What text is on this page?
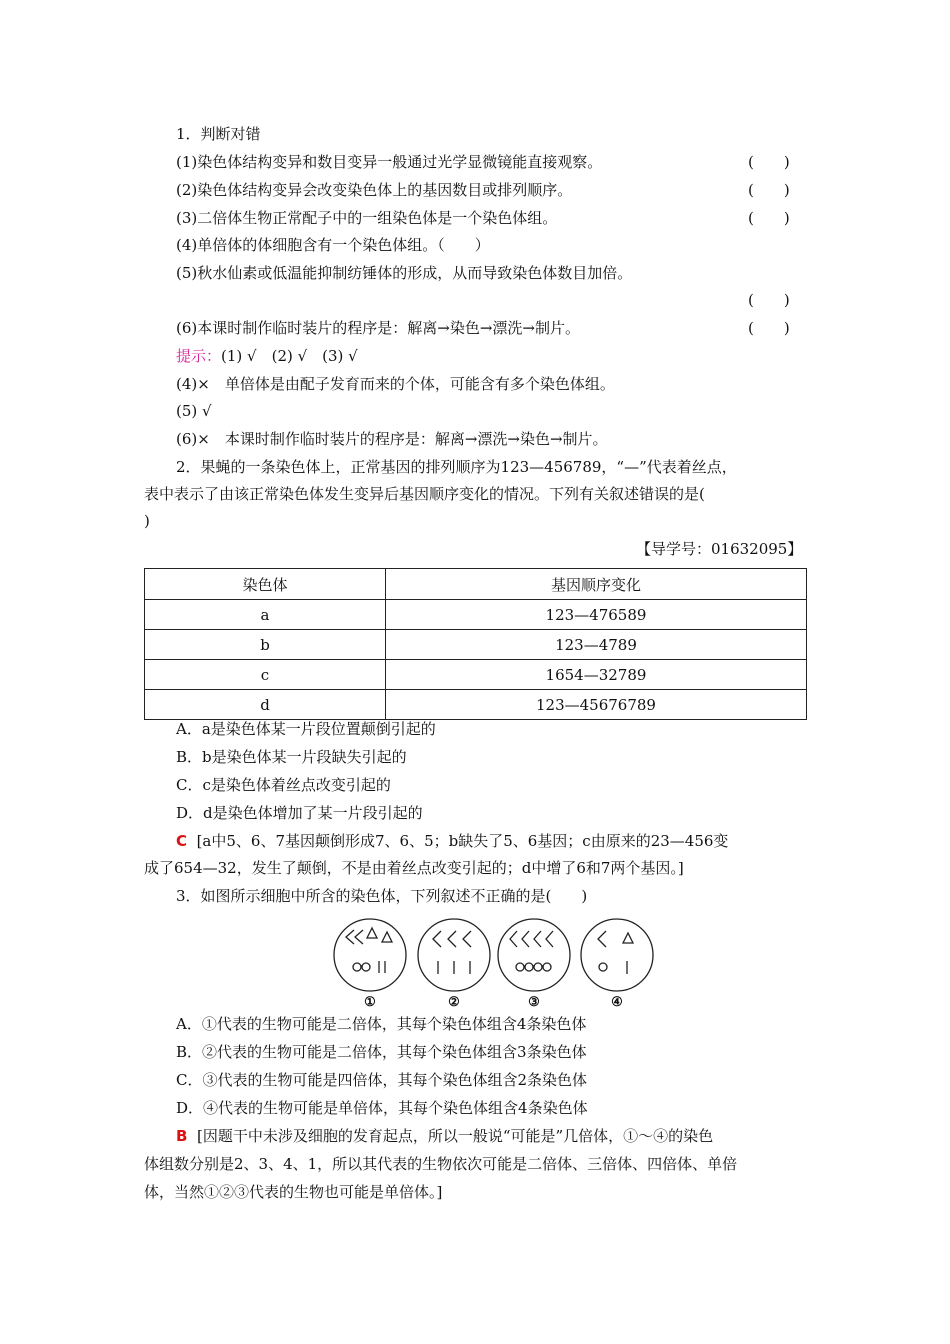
1．判断对错
(1)染色体结构变异和数目变异一般通过光学显微镜能直接观察。	(　　)
(2)染色体结构变异会改变染色体上的基因数目或排列顺序。	(　　)
(3)二倍体生物正常配子中的一组染色体是一个染色体组。	(　　)
(4)单倍体的体细胞含有一个染色体组。（　　）
(5)秋水仙素或低温能抑制纺锤体的形成，从而导致染色体数目加倍。
(　　)
(6)本课时制作临时装片的程序是：解离→染色→漂洗→制片。	(　　)
提示：(1) √　(2) √　(3) √
(4)×　单倍体是由配子发育而来的个体，可能含有多个染色体组。
(5) √
(6)×　本课时制作临时装片的程序是：解离→漂洗→染色→制片。
2．果蝇的一条染色体上，正常基因的排列顺序为123—456789，“—”代表着丝点，
表中表示了由该正常染色体发生变异后基因顺序变化的情况。下列有关叙述错误的是(
)
【导学号：01632095】
染色体	基因顺序变化
a	123—476589
b	123—4789
c	1654—32789
d	123—45676789
A．a是染色体某一片段位置颠倒引起的
B．b是染色体某一片段缺失引起的
C．c是染色体着丝点改变引起的
D．d是染色体增加了某一片段引起的
C [a中5、6、7基因颠倒形成7、6、5；b缺失了5、6基因；c由原来的23—456变
成了654—32，发生了颠倒，不是由着丝点改变引起的；d中增了6和7两个基因。]
3．如图所示细胞中所含的染色体，下列叙述不正确的是(　　)
①	②	③	④
A．①代表的生物可能是二倍体，其每个染色体组含4条染色体
B．②代表的生物可能是二倍体，其每个染色体组含3条染色体
C．③代表的生物可能是四倍体，其每个染色体组含2条染色体
D．④代表的生物可能是单倍体，其每个染色体组含4条染色体
B [因题干中未涉及细胞的发育起点，所以一般说“可能是”几倍体，①～④的染色
体组数分别是2、3、4、1，所以其代表的生物依次可能是二倍体、三倍体、四倍体、单倍
体，当然①②③代表的生物也可能是单倍体。]
